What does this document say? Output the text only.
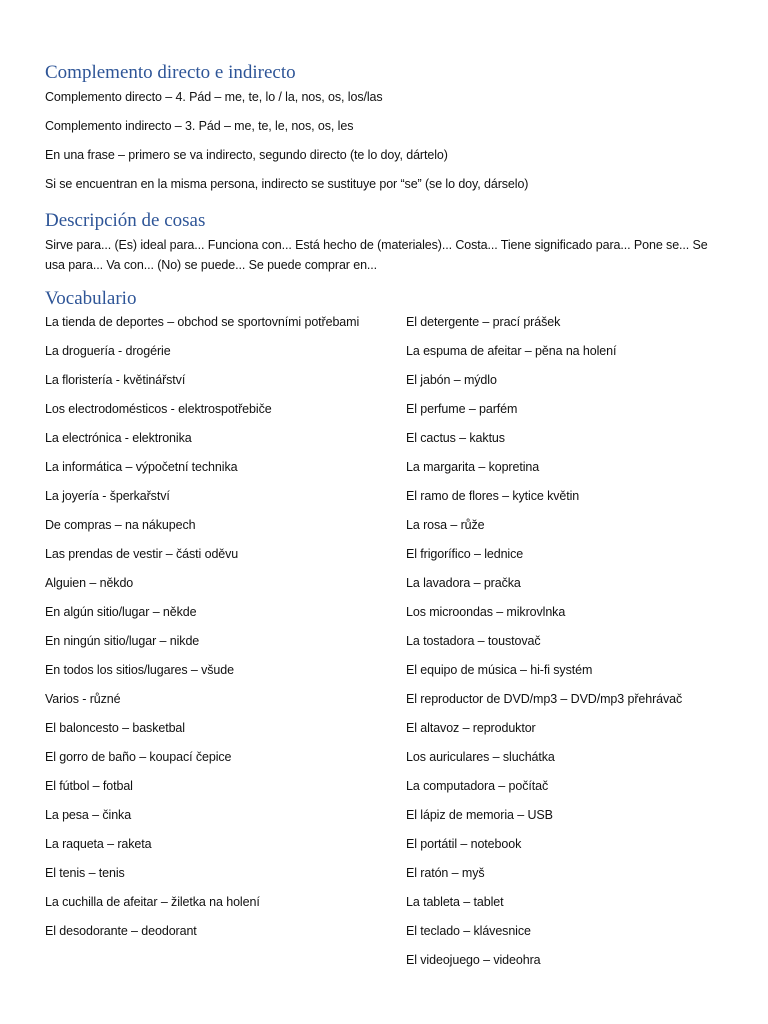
Complemento directo e indirecto
Complemento directo – 4. Pád – me, te, lo / la, nos, os, los/las
Complemento indirecto – 3. Pád – me, te, le, nos, os, les
En una frase – primero se va indirecto, segundo directo (te lo doy, dártelo)
Si se encuentran en la misma persona, indirecto se sustituye por “se” (se lo doy, dárselo)
Descripción de cosas
Sirve para... (Es) ideal para... Funciona con... Está hecho de (materiales)... Costa... Tiene significado para... Pone se... Se usa para... Va con... (No) se puede... Se puede comprar en...
Vocabulario
La tienda de deportes – obchod se sportovními potřebami
La droguería - drogérie
La floristería - květinářství
Los electrodomésticos - elektrospotřebiče
La electrónica - elektronika
La informática – výpočetní technika
La joyería - šperkařství
De compras – na nákupech
Las prendas de vestir – části oděvu
Alguien – někdo
En algún sitio/lugar – někde
En ningún sitio/lugar – nikde
En todos los sitios/lugares – všude
Varios - různé
El baloncesto – basketbal
El gorro de baño – koupací čepice
El fútbol – fotbal
La pesa – činka
La raqueta – raketa
El tenis – tenis
La cuchilla de afeitar – žiletka na holení
El desodorante – deodorant
El detergente – prací prášek
La espuma de afeitar – pěna na holení
El jabón – mýdlo
El perfume – parfém
El cactus – kaktus
La margarita – kopretina
El ramo de flores – kytice květin
La rosa – růže
El frigorífico – lednice
La lavadora – pračka
Los microondas – mikrovlnka
La tostadora – toustovač
El equipo de música – hi-fi systém
El reproductor de DVD/mp3 – DVD/mp3 přehrávač
El altavoz – reproduktor
Los auriculares – sluchátka
La computadora – počítač
El lápiz de memoria – USB
El portátil – notebook
El ratón – myš
La tableta – tablet
El teclado – klávesnice
El videojuego – videohra
